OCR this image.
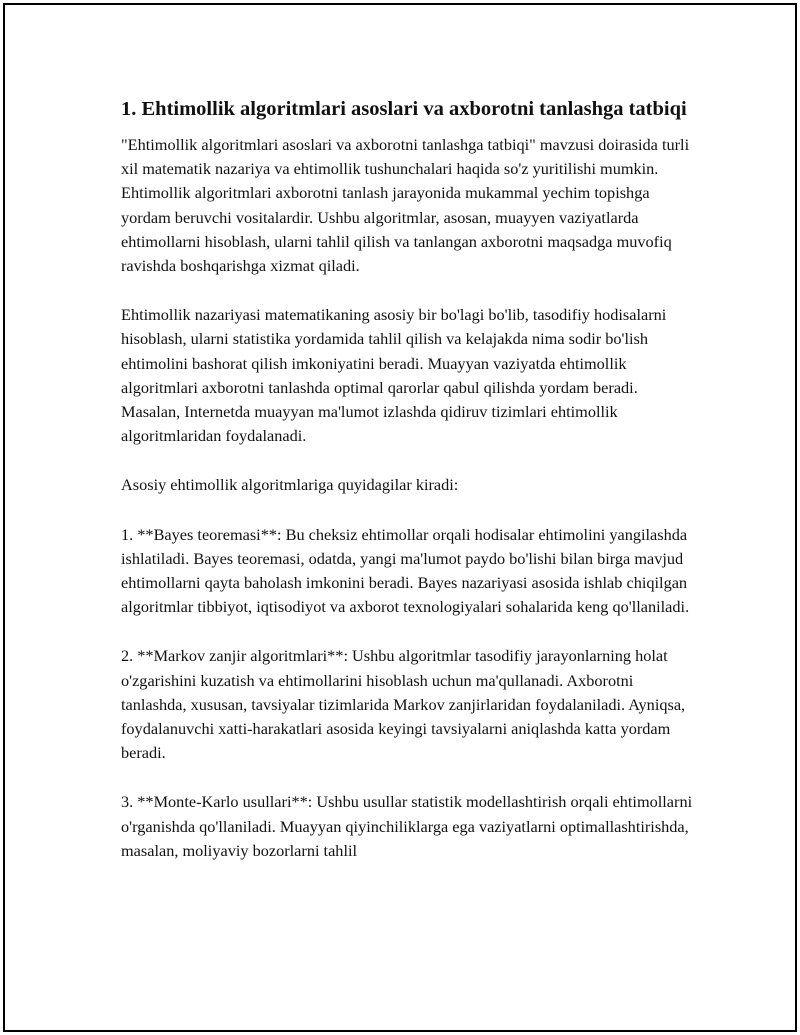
1. Ehtimollik algoritmlari asoslari va axborotni tanlashga tatbiqi

"Ehtimollik algoritmlari asoslari va axborotni tanlashga tatbiqi" mavzusi doirasida turli xil matematik nazariya va ehtimollik tushunchalari haqida so'z yuritilishi mumkin. Ehtimollik algoritmlari axborotni tanlash jarayonida mukammal yechim topishga yordam beruvchi vositalardir. Ushbu algoritmlar, asosan, muayyen vaziyatlarda ehtimollarni hisoblash, ularni tahlil qilish va tanlangan axborotni maqsadga muvofiq ravishda boshqarishga xizmat qiladi.

Ehtimollik nazariyasi matematikaning asosiy bir bo'lagi bo'lib, tasodifiy hodisalarni hisoblash, ularni statistika yordamida tahlil qilish va kelajakda nima sodir bo'lish ehtimolini bashorat qilish imkoniyatini beradi. Muayyan vaziyatda ehtimollik algoritmlari axborotni tanlashda optimal qarorlar qabul qilishda yordam beradi. Masalan, Internetda muayyan ma'lumot izlashda qidiruv tizimlari ehtimollik algoritmlaridan foydalanadi.

Asosiy ehtimollik algoritmlariga quyidagilar kiradi:

1. **Bayes teoremasi**: Bu cheksiz ehtimollar orqali hodisalar ehtimolini yangilashda ishlatiladi. Bayes teoremasi, odatda, yangi ma'lumot paydo bo'lishi bilan birga mavjud ehtimollarni qayta baholash imkonini beradi. Bayes nazariyasi asosida ishlab chiqilgan algoritmlar tibbiyot, iqtisodiyot va axborot texnologiyalari sohalarida keng qo'llaniladi.

2. **Markov zanjir algoritmlari**: Ushbu algoritmlar tasodifiy jarayonlarning holat o'zgarishini kuzatish va ehtimollarini hisoblash uchun ma'qullanadi. Axborotni tanlashda, xususan, tavsiyalar tizimlarida Markov zanjirlaridan foydalaniladi. Ayniqsa, foydalanuvchi xatti-harakatlari asosida keyingi tavsiyalarni aniqlashda katta yordam beradi.

3. **Monte-Karlo usullari**: Ushbu usullar statistik modellashtirish orqali ehtimollarni o'rganishda qo'llaniladi. Muayyan qiyinchiliklarga ega vaziyatlarni optimallashtirishda, masalan, moliyaviy bozorlarni tahlil
